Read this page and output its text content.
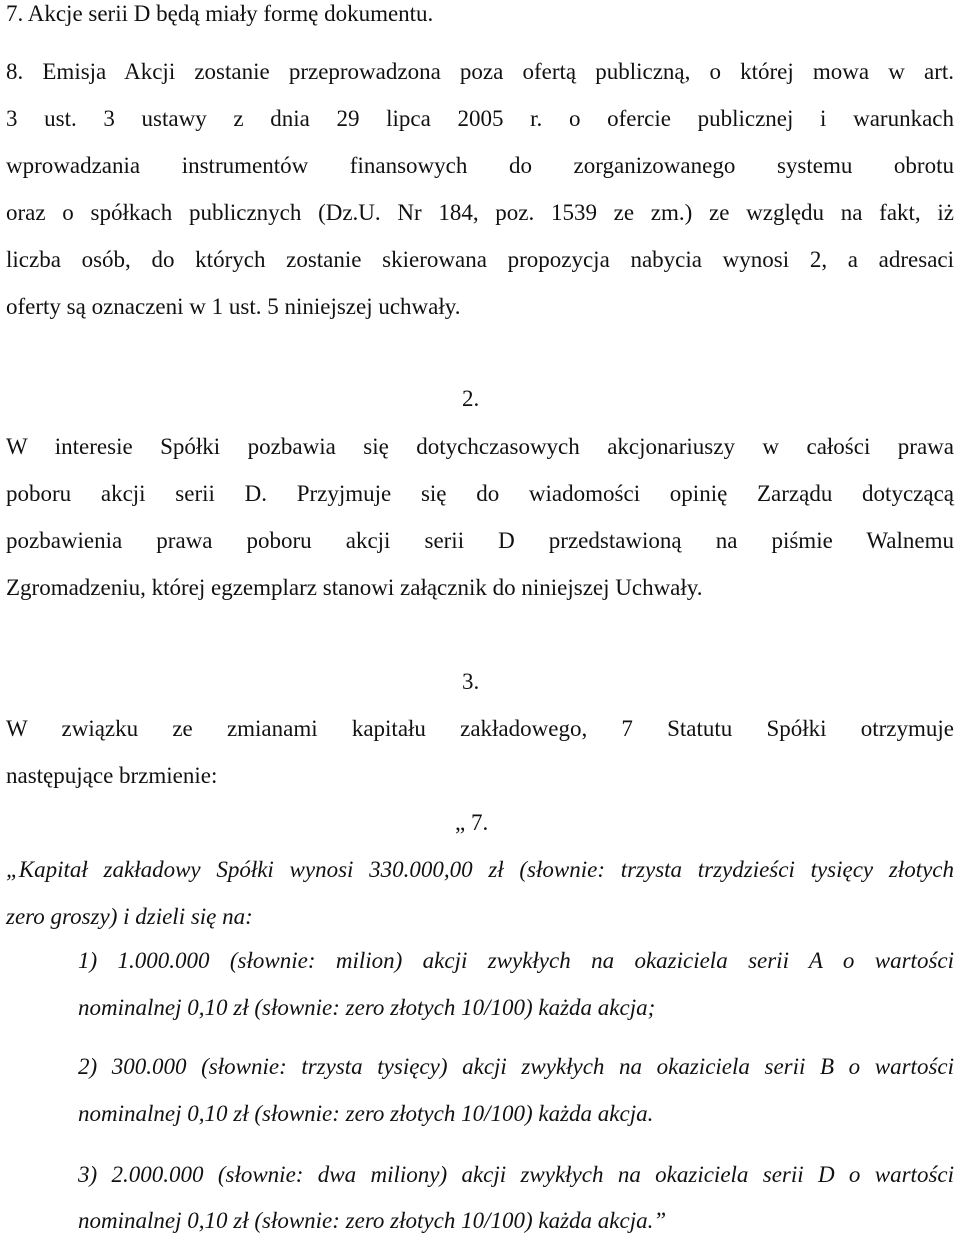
7. Akcje serii D będą miały formę dokumentu.
8. Emisja Akcji zostanie przeprowadzona poza ofertą publiczną, o której mowa w art.
3 ust. 3 ustawy z dnia 29 lipca 2005 r. o ofercie publicznej i warunkach
wprowadzania instrumentów finansowych do zorganizowanego systemu obrotu
oraz o spółkach publicznych (Dz.U. Nr 184, poz. 1539 ze zm.) ze względu na fakt, iż
liczba osób, do których zostanie skierowana propozycja nabycia wynosi 2, a adresaci
oferty są oznaczeni w 1 ust. 5 niniejszej uchwały.
2.
W interesie Spółki pozbawia się dotychczasowych akcjonariuszy w całości prawa
poboru akcji serii D. Przyjmuje się do wiadomości opinię Zarządu dotyczącą
pozbawienia prawa poboru akcji serii D przedstawioną na piśmie Walnemu
Zgromadzeniu, której egzemplarz stanowi załącznik do niniejszej Uchwały.
3.
W związku ze zmianami kapitału zakładowego, 7 Statutu Spółki otrzymuje
następujące brzmienie:
„ 7.
„Kapitał zakładowy Spółki wynosi 330.000,00 zł (słownie: trzysta trzydzieści tysięcy złotych
zero groszy) i dzieli się na:
1) 1.000.000 (słownie: milion) akcji zwykłych na okaziciela serii A o wartości
nominalnej 0,10 zł (słownie: zero złotych 10/100) każda akcja;
2) 300.000 (słownie: trzysta tysięcy) akcji zwykłych na okaziciela serii B o wartości
nominalnej 0,10 zł (słownie: zero złotych 10/100) każda akcja.
3) 2.000.000 (słownie: dwa miliony) akcji zwykłych na okaziciela serii D o wartości
nominalnej 0,10 zł (słownie: zero złotych 10/100) każda akcja.”
